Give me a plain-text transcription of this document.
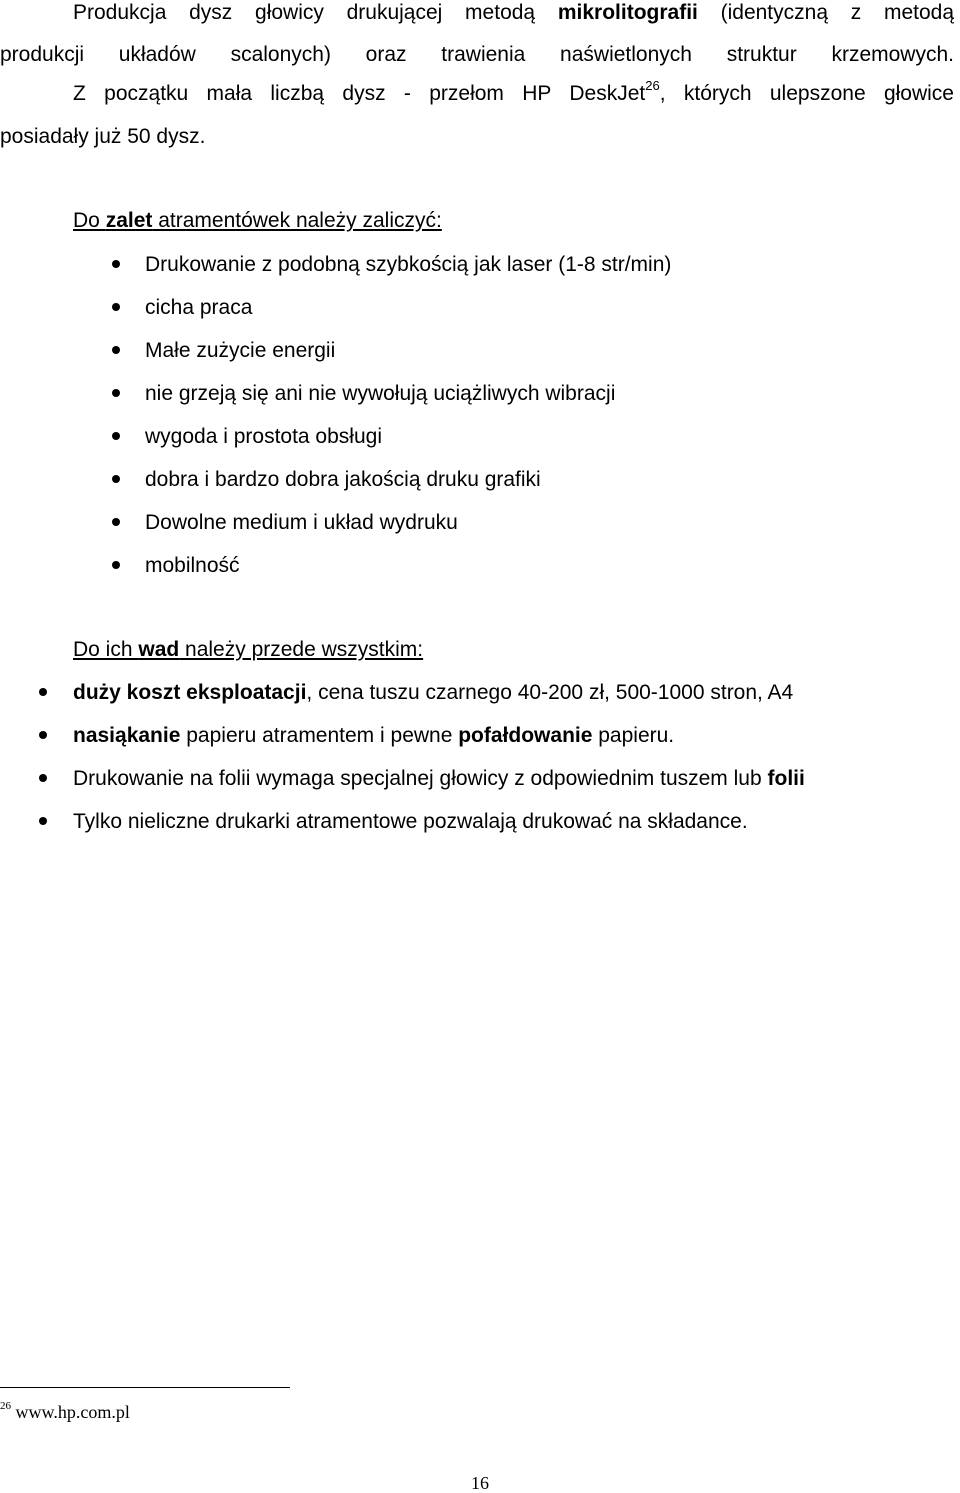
Produkcja dysz głowicy drukującej metodą mikrolitografii (identyczną z metodą
produkcji układów scalonych) oraz trawienia naświetlonych struktur krzemowych.
Z początku mała liczbą dysz - przełom HP DeskJet$^{26}$, których ulepszone głowice
posiadały już 50 dysz.
Do zalet atramentówek należy zaliczyć:
Drukowanie z podobną szybkością jak laser (1-8 str/min)
cicha praca
Małe zużycie energii
nie grzeją się ani nie wywołują uciążliwych wibracji
wygoda i prostota obsługi
dobra i bardzo dobra jakością druku grafiki
Dowolne medium i układ wydruku
mobilność
Do ich wad należy przede wszystkim:
duży koszt eksploatacji, cena tuszu czarnego 40-200 zł, 500-1000 stron, A4
nasiąkanie papieru atramentem i pewne pofałdowanie papieru.
Drukowanie na folii wymaga specjalnej głowicy z odpowiednim tuszem lub folii
Tylko nieliczne drukarki atramentowe pozwalają drukować na składance.
$^{26}$ www.hp.com.pl
16
